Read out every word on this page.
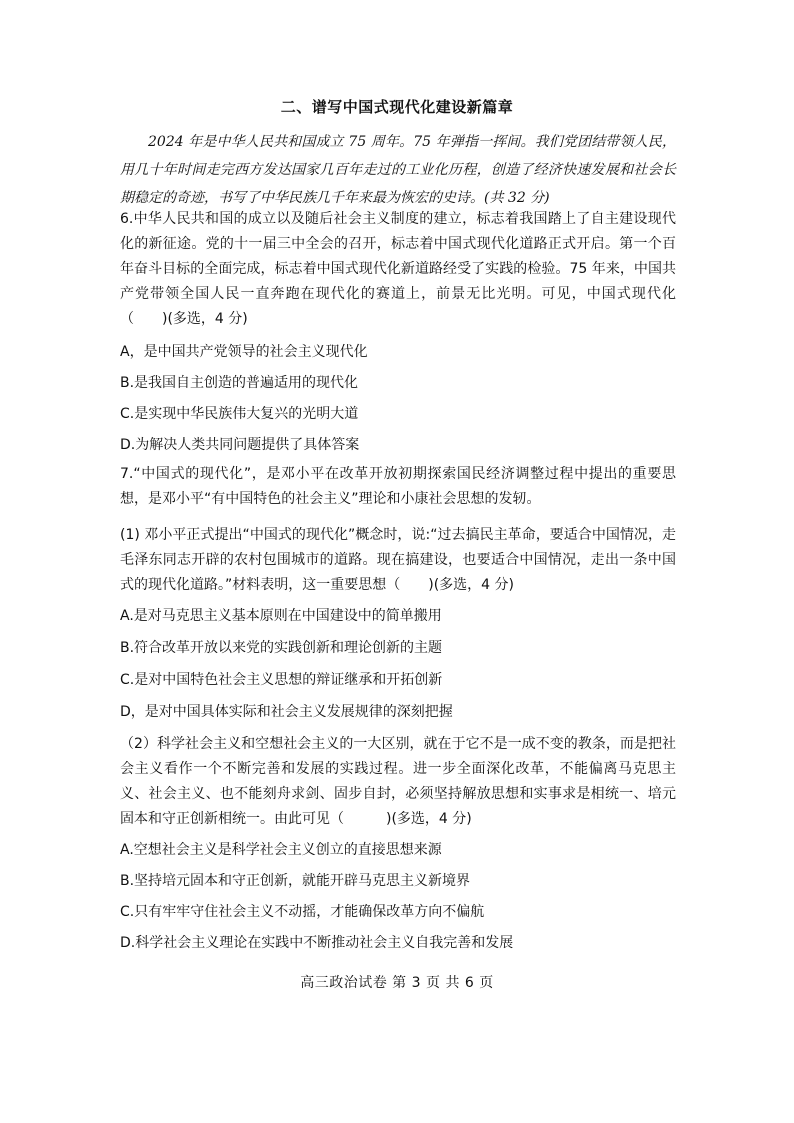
二、谱写中国式现代化建设新篇章
2024 年是中华人民共和国成立 75 周年。75 年弹指一挥间。我们党团结带领人民，用几十年时间走完西方发达国家几百年走过的工业化历程，创造了经济快速发展和社会长期稳定的奇迹，书写了中华民族几千年来最为恢宏的史诗。(共 32 分)
6.中华人民共和国的成立以及随后社会主义制度的建立，标志着我国踏上了自主建设现代化的新征途。党的十一届三中全会的召开，标志着中国式现代化道路正式开启。第一个百年奋斗目标的全面完成，标志着中国式现代化新道路经受了实践的检验。75 年来，中国共产党带领全国人民一直奔跑在现代化的赛道上，前景无比光明。可见，中国式现代化（　　)(多选，4 分)
A，是中国共产党领导的社会主义现代化
B.是我国自主创造的普遍适用的现代化
C.是实现中华民族伟大复兴的光明大道
D.为解决人类共同问题提供了具体答案
7.“中国式的现代化”，是邓小平在改革开放初期探索国民经济调整过程中提出的重要思想，是邓小平“有中国特色的社会主义”理论和小康社会思想的发轫。
(1) 邓小平正式提出“中国式的现代化”概念时，说:“过去搞民主革命，要适合中国情况，走毛泽东同志开辟的农村包围城市的道路。现在搞建设，也要适合中国情况，走出一条中国式的现代化道路。”材料表明，这一重要思想（　　)(多选，4 分)
A.是对马克思主义基本原则在中国建设中的简单搬用
B.符合改革开放以来党的实践创新和理论创新的主题
C.是对中国特色社会主义思想的辩证继承和开拓创新
D，是对中国具体实际和社会主义发展规律的深刻把握
（2）科学社会主义和空想社会主义的一大区别，就在于它不是一成不变的教条，而是把社会主义看作一个不断完善和发展的实践过程。进一步全面深化改革，不能偏离马克思主义、社会主义、也不能刻舟求剑、固步自封，必须坚持解放思想和实事求是相统一、培元固本和守正创新相统一。由此可见（　　　)(多选，4 分)
A.空想社会主义是科学社会主义创立的直接思想来源
B.坚持培元固本和守正创新，就能开辟马克思主义新境界
C.只有牢牢守住社会主义不动摇，才能确保改革方向不偏航
D.科学社会主义理论在实践中不断推动社会主义自我完善和发展
高三政治试卷 第 3 页 共 6 页
